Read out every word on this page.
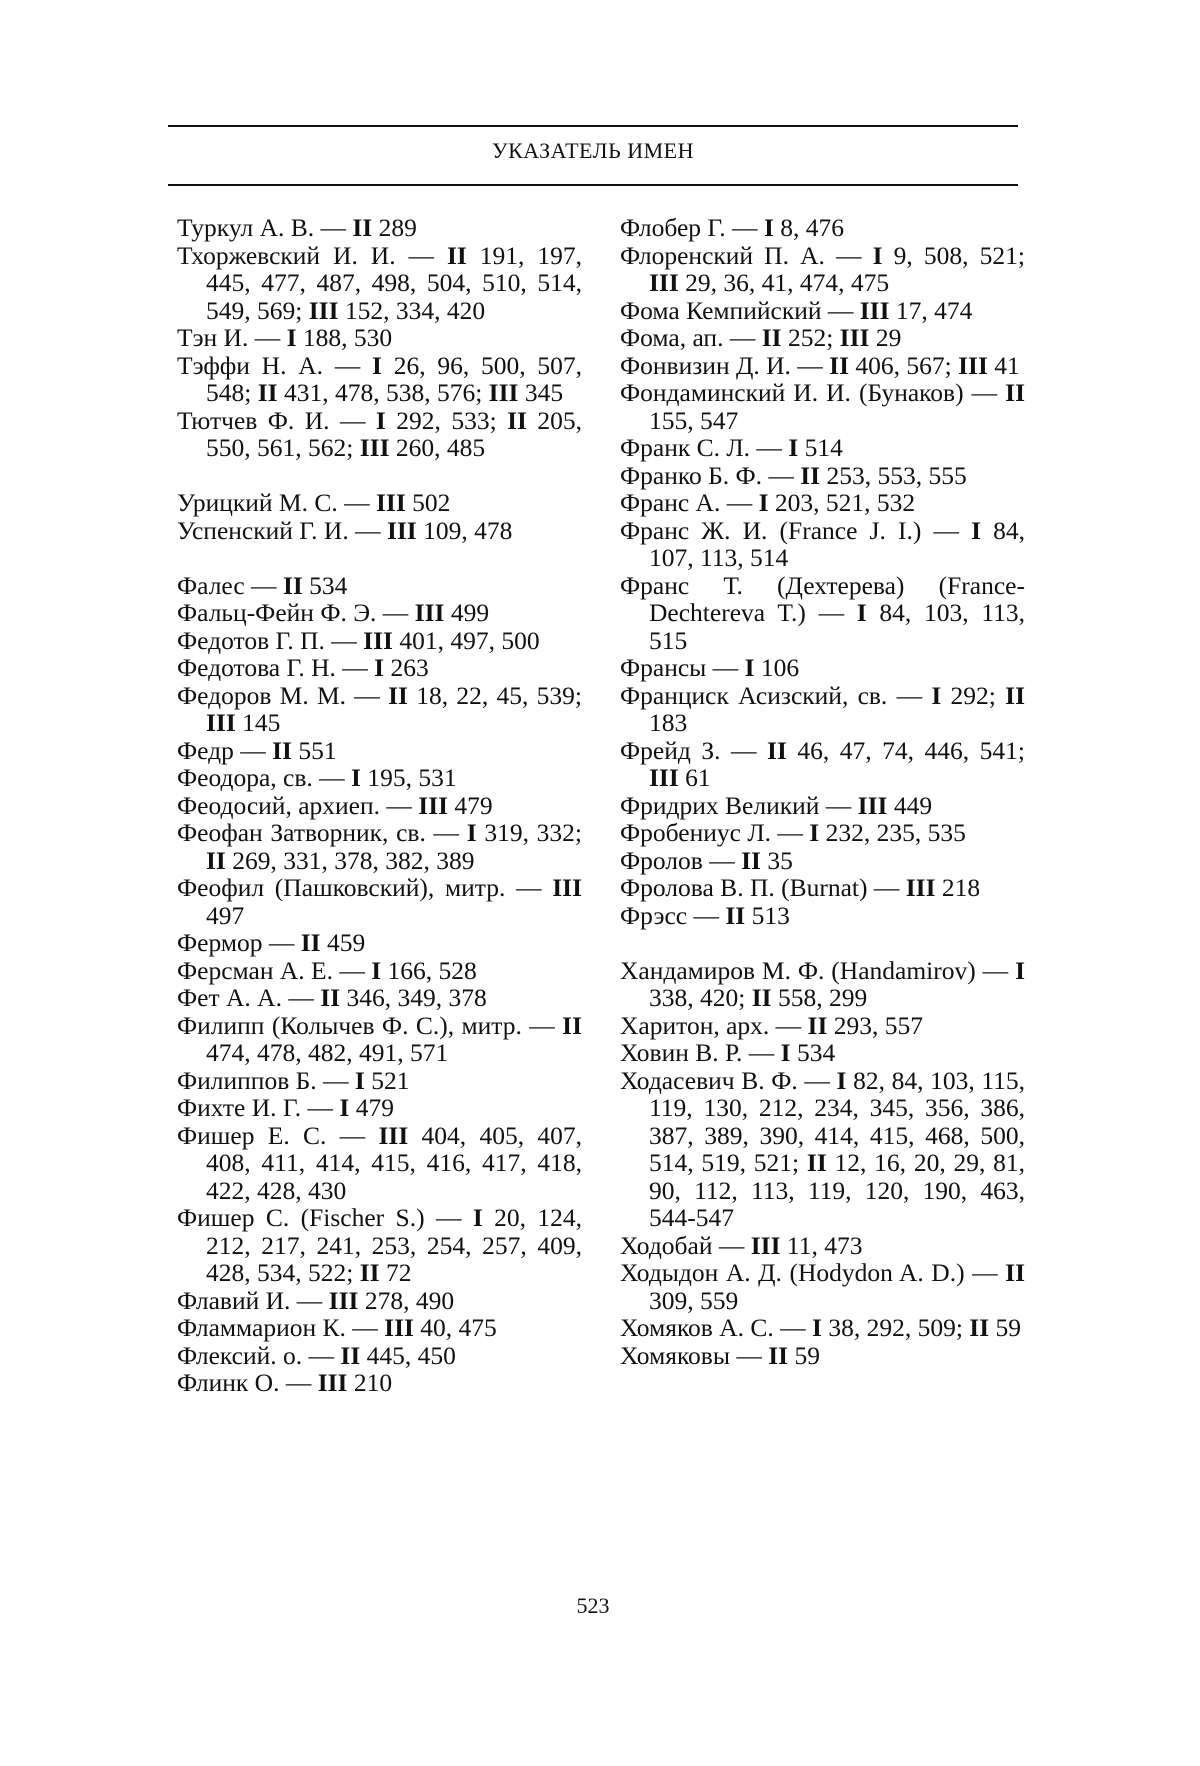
УКАЗАТЕЛЬ ИМЕН
Туркул А. В. — II 289
Тхоржевский И. И. — II 191, 197, 445, 477, 487, 498, 504, 510, 514, 549, 569; III 152, 334, 420
Тэн И. — I 188, 530
Тэффи Н. А. — I 26, 96, 500, 507, 548; II 431, 478, 538, 576; III 345
Тютчев Ф. И. — I 292, 533; II 205, 550, 561, 562; III 260, 485
Урицкий М. С. — III 502
Успенский Г. И. — III 109, 478
Фалес — II 534
Фальц-Фейн Ф. Э. — III 499
Федотов Г. П. — III 401, 497, 500
Федотова Г. Н. — I 263
Федоров М. М. — II 18, 22, 45, 539; III 145
Федр — II 551
Феодора, св. — I 195, 531
Феодосий, архиеп. — III 479
Феофан Затворник, св. — I 319, 332; II 269, 331, 378, 382, 389
Феофил (Пашковский), митр. — III 497
Фермор — II 459
Ферсман А. Е. — I 166, 528
Фет А. А. — II 346, 349, 378
Филипп (Колычев Ф. С.), митр. — II 474, 478, 482, 491, 571
Филиппов Б. — I 521
Фихте И. Г. — I 479
Фишер Е. С. — III 404, 405, 407, 408, 411, 414, 415, 416, 417, 418, 422, 428, 430
Фишер С. (Fischer S.) — I 20, 124, 212, 217, 241, 253, 254, 257, 409, 428, 534, 522; II 72
Флавий И. — III 278, 490
Фламмарион К. — III 40, 475
Флексий. о. — II 445, 450
Флинк О. — III 210
Флобер Г. — I 8, 476
Флоренский П. А. — I 9, 508, 521; III 29, 36, 41, 474, 475
Фома Кемпийский — III 17, 474
Фома, ап. — II 252; III 29
Фонвизин Д. И. — II 406, 567; III 41
Фондаминский И. И. (Бунаков) — II 155, 547
Франк С. Л. — I 514
Франко Б. Ф. — II 253, 553, 555
Франс А. — I 203, 521, 532
Франс Ж. И. (France J. I.) — I 84, 107, 113, 514
Франс Т. (Дехтерева) (France-Dechtereva T.) — I 84, 103, 113, 515
Франсы — I 106
Франциск Асизский, св. — I 292; II 183
Фрейд З. — II 46, 47, 74, 446, 541; III 61
Фридрих Великий — III 449
Фробениус Л. — I 232, 235, 535
Фролов — II 35
Фролова В. П. (Burnat) — III 218
Фрэсс — II 513
Хандамиров М. Ф. (Handamirov) — I 338, 420; II 558, 299
Харитон, арх. — II 293, 557
Ховин В. Р. — I 534
Ходасевич В. Ф. — I 82, 84, 103, 115, 119, 130, 212, 234, 345, 356, 386, 387, 389, 390, 414, 415, 468, 500, 514, 519, 521; II 12, 16, 20, 29, 81, 90, 112, 113, 119, 120, 190, 463, 544-547
Ходобай — III 11, 473
Ходыдон А. Д. (Hodydon A. D.) — II 309, 559
Хомяков А. С. — I 38, 292, 509; II 59
Хомяковы — II 59
523
